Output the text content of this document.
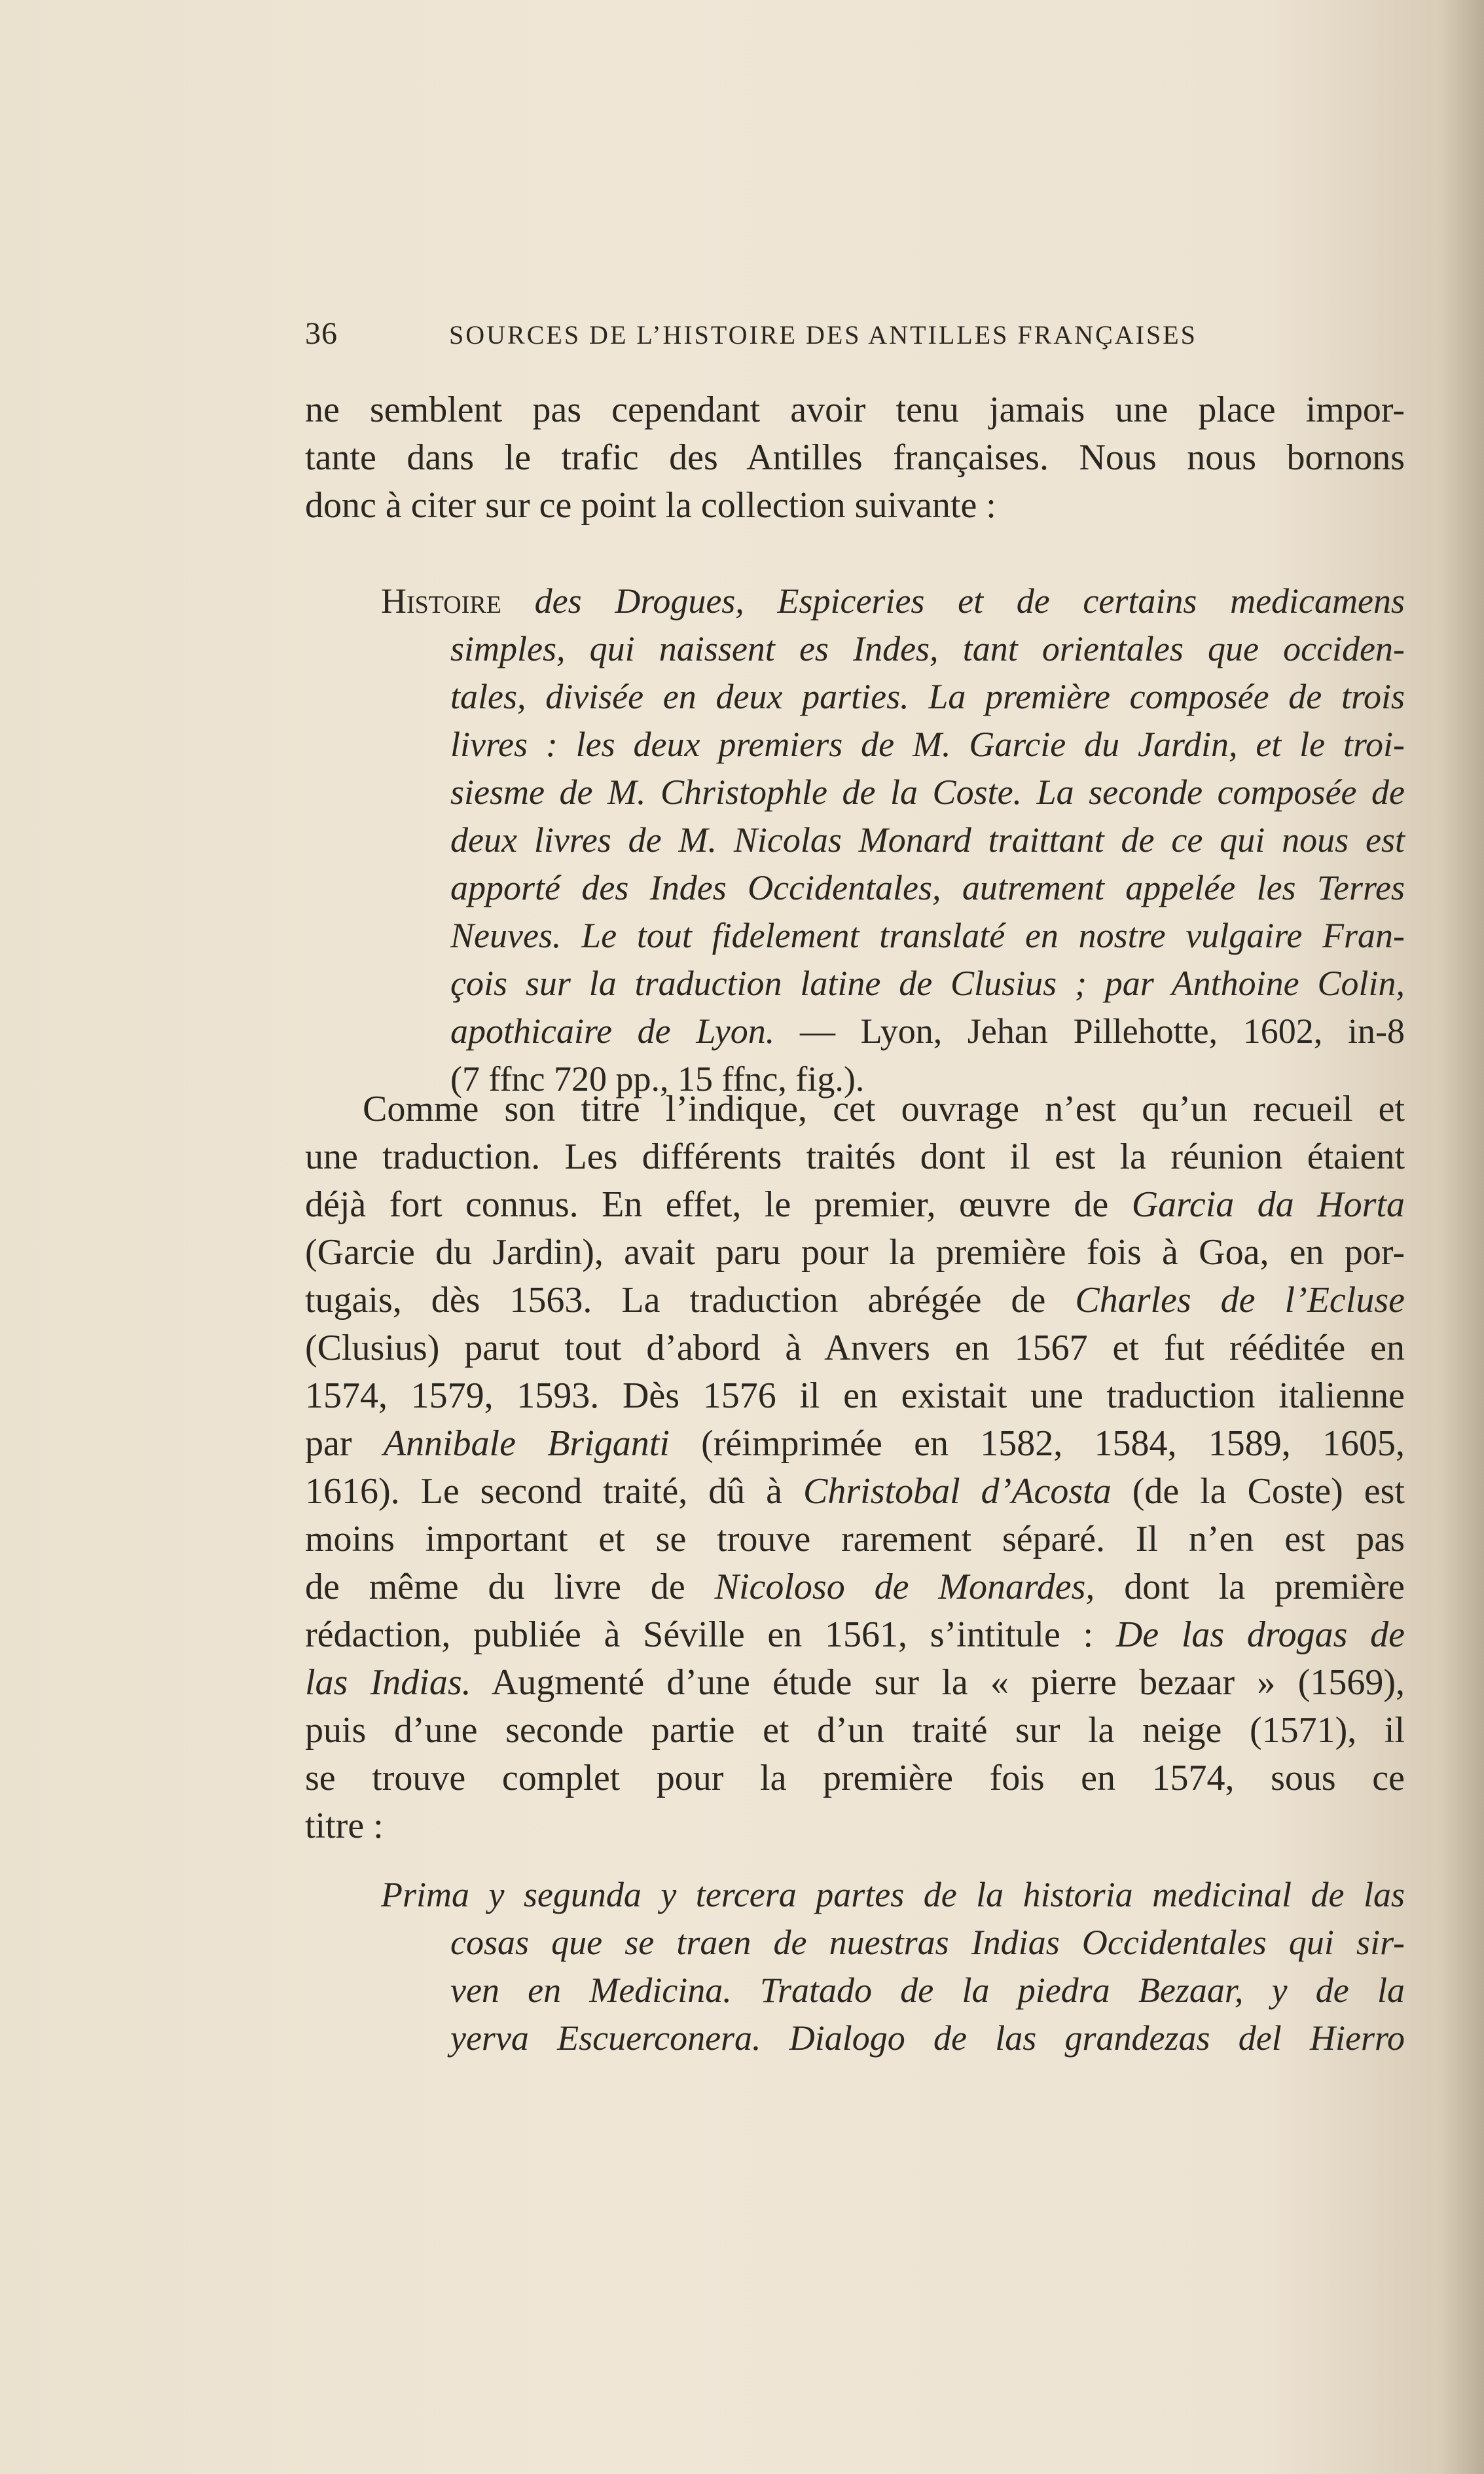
36	SOURCES DE L’HISTOIRE DES ANTILLES FRANÇAISES
ne semblent pas cependant avoir tenu jamais une place impor-
tante dans le trafic des Antilles françaises. Nous nous bornons
donc à citer sur ce point la collection suivante :
Histoire des Drogues, Espiceries et de certains medicamens
simples, qui naissent es Indes, tant orientales que occiden-
tales, divisée en deux parties. La première composée de trois
livres : les deux premiers de M. Garcie du Jardin, et le troi-
siesme de M. Christophle de la Coste. La seconde composée de
deux livres de M. Nicolas Monard traittant de ce qui nous est
apporté des Indes Occidentales, autrement appelée les Terres
Neuves. Le tout fidelement translaté en nostre vulgaire Fran-
çois sur la traduction latine de Clusius ; par Anthoine Colin,
apothicaire de Lyon. — Lyon, Jehan Pillehotte, 1602, in-8
(7 ffnc 720 pp., 15 ffnc, fig.).
Comme son titre l’indique, cet ouvrage n’est qu’un recueil et
une traduction. Les différents traités dont il est la réunion étaient
déjà fort connus. En effet, le premier, œuvre de Garcia da Horta
(Garcie du Jardin), avait paru pour la première fois à Goa, en por-
tugais, dès 1563. La traduction abrégée de Charles de l’Ecluse
(Clusius) parut tout d’abord à Anvers en 1567 et fut rééditée en
1574, 1579, 1593. Dès 1576 il en existait une traduction italienne
par Annibale Briganti (réimprimée en 1582, 1584, 1589, 1605,
1616). Le second traité, dû à Christobal d’Acosta (de la Coste) est
moins important et se trouve rarement séparé. Il n’en est pas
de même du livre de Nicoloso de Monardes, dont la première
rédaction, publiée à Séville en 1561, s’intitule : De las drogas de
las Indias. Augmenté d’une étude sur la « pierre bezaar » (1569),
puis d’une seconde partie et d’un traité sur la neige (1571), il
se trouve complet pour la première fois en 1574, sous ce
titre :
Prima y segunda y tercera partes de la historia medicinal de las
cosas que se traen de nuestras Indias Occidentales qui sir-
ven en Medicina. Tratado de la piedra Bezaar, y de la
yerva Escuerconera. Dialogo de las grandezas del Hierro
